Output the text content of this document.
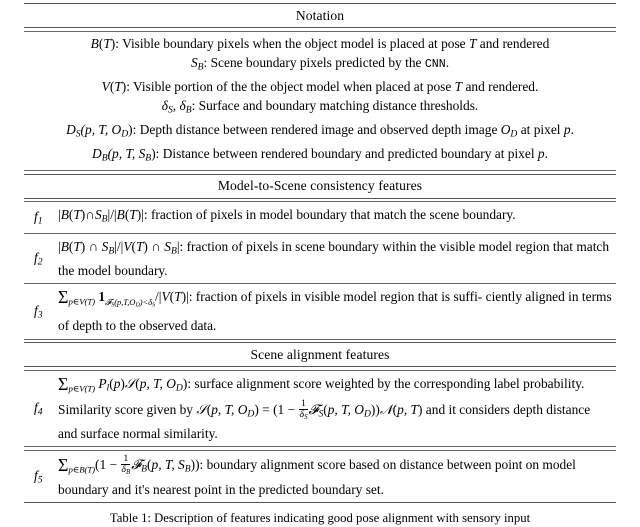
Notation
B(T): Visible boundary pixels when the object model is placed at pose T and rendered
$S_B$: Scene boundary pixels predicted by the CNN.
V(T): Visible portion of the the object model when placed at pose T and rendered.
$\delta_S$, $\delta_B$: Surface and boundary matching distance thresholds.
$D_S(p$, T, $O_D$): Depth distance between rendered image and observed depth image $O_D$ at pixel p.
$D_B(p$, T, $S_B$): Distance between rendered boundary and predicted boundary at pixel p.
Model-to-Scene consistency features
$f_1$	$|B(T)\cap S_B|/|B(T)|$: fraction of pixels in model boundary that match the scene boundary.
$f_2$
|B(T) ∩ $S_B|/|V(T)$ ∩ $S_B|$: fraction of pixels in scene boundary within the visible model region that match the model boundary.
$f_3$
$\Sigma_{p\in V(T)}$ $1_{𝓕_S(p,T,O_D)<\delta_S}/|V(T)|$: fraction of pixels in visible model region that is suffi- ciently aligned in terms of depth to the observed data.
Scene alignment features
$f_4$
$\Sigma_{p\in V(T)}$ $P_l(p)𝒮(p$, T, $O_D$): surface alignment score weighted by the corresponding label probability. Similarity score given by 𝒮(p, T, $O_D) = (1 - \frac{1}{\delta_S}$ 𝓕$_S$(p, T, $O_D))𝒩(p$, T) and it considers depth distance and surface normal similarity.
$f_5$
$\Sigma_{p\in B(T)}(1 - \frac{1}{\delta_B}$ 𝓕$_B$(p, T, $S_B$)): boundary alignment score based on distance between point on model boundary and it's nearest point in the predicted boundary set.
Table 1: Description of features indicating good pose alignment with sensory input
